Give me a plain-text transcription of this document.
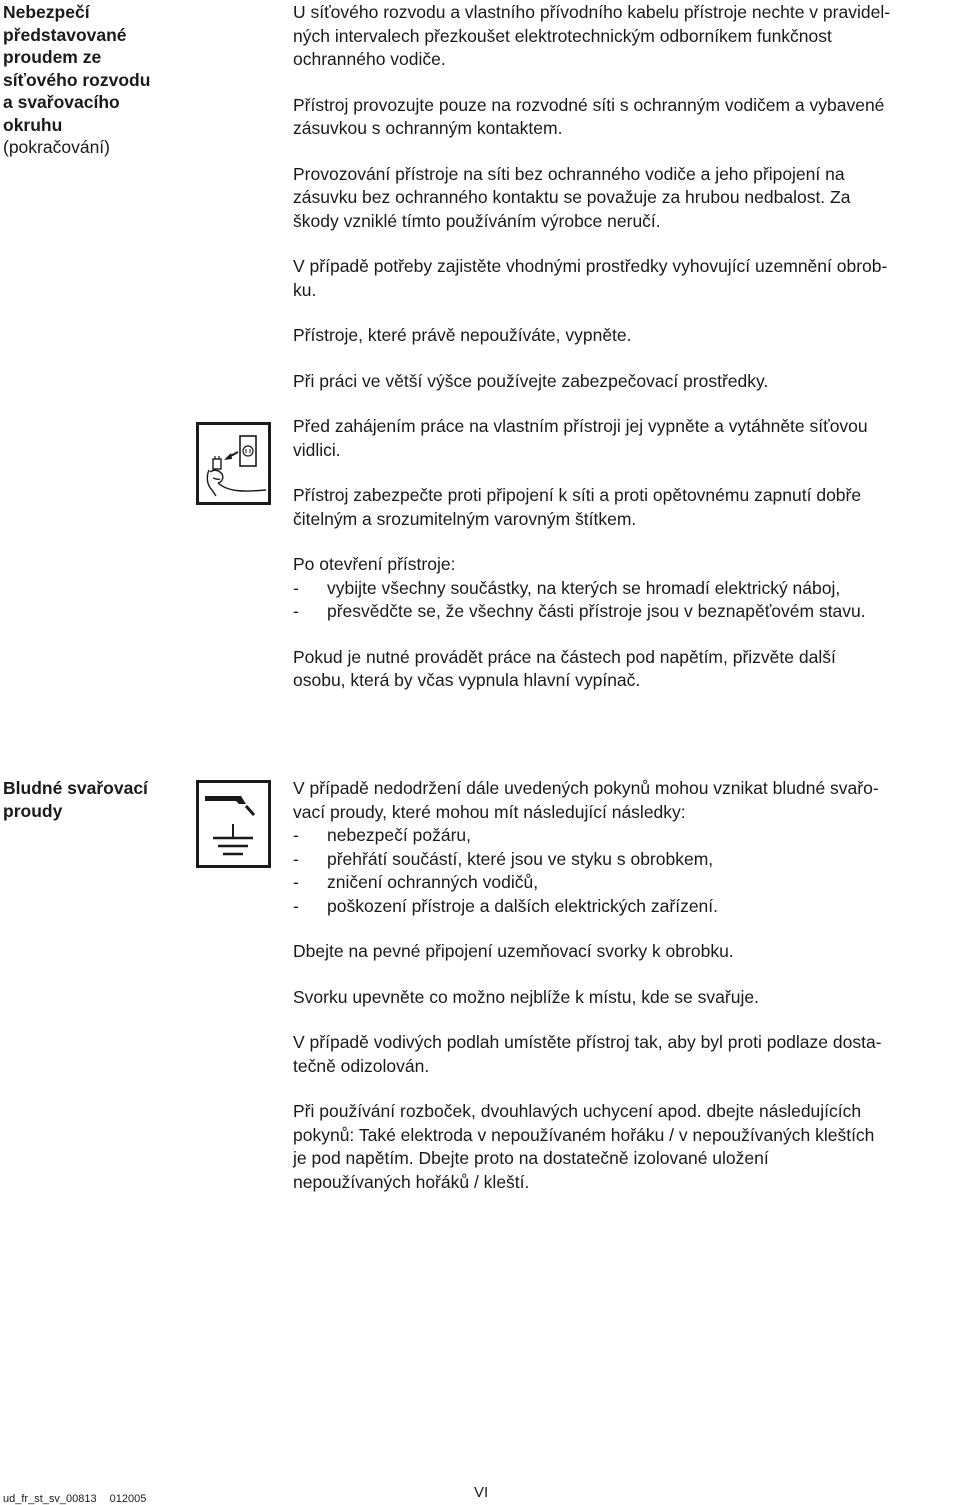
Nebezpečí
představované
proudem ze
síťového rozvodu
a svařovacího
okruhu
(pokračování)

U síťového rozvodu a vlastního přívodního kabelu přístroje nechte v pravidel-
ných intervalech přezkoušet elektrotechnickým odborníkem funkčnost
ochranného vodiče.

Přístroj provozujte pouze na rozvodné síti s ochranným vodičem a vybavené
zásuvkou s ochranným kontaktem.

Provozování přístroje na síti bez ochranného vodiče a jeho připojení na
zásuvku bez ochranného kontaktu se považuje za hrubou nedbalost. Za
škody vzniklé tímto používáním výrobce neručí.

V případě potřeby zajistěte vhodnými prostředky vyhovující uzemnění obrob-
ku.

Přístroje, které právě nepoužíváte, vypněte.

Při práci ve větší výšce používejte zabezpečovací prostředky.

Před zahájením práce na vlastním přístroji jej vypněte a vytáhněte síťovou
vidlici.

Přístroj zabezpečte proti připojení k síti a proti opětovnému zapnutí dobře
čitelným a srozumitelným varovným štítkem.

Po otevření přístroje:
- vybijte všechny součástky, na kterých se hromadí elektrický náboj,
- přesvědčte se, že všechny části přístroje jsou v beznapěťovém stavu.

Pokud je nutné provádět práce na částech pod napětím, přizvěte další
osobu, která by včas vypnula hlavní vypínač.

Bludné svařovací
proudy

V případě nedodržení dále uvedených pokynů mohou vznikat bludné svařo-
vací proudy, které mohou mít následující následky:
- nebezpečí požáru,
- přehřátí součástí, které jsou ve styku s obrobkem,
- zničení ochranných vodičů,
- poškození přístroje a dalších elektrických zařízení.

Dbejte na pevné připojení uzemňovací svorky k obrobku.

Svorku upevněte co možno nejblíže k místu, kde se svařuje.

V případě vodivých podlah umístěte přístroj tak, aby byl proti podlaze dosta-
tečně odizolován.

Při používání rozboček, dvouhlavých uchycení apod. dbejte následujících
pokynů: Také elektroda v nepoužívaném hořáku / v nepoužívaných kleštích
je pod napětím. Dbejte proto na dostatečně izolované uložení
nepoužívaných hořáků / kleští.

ud_fr_st_sv_00813 012005	VI
